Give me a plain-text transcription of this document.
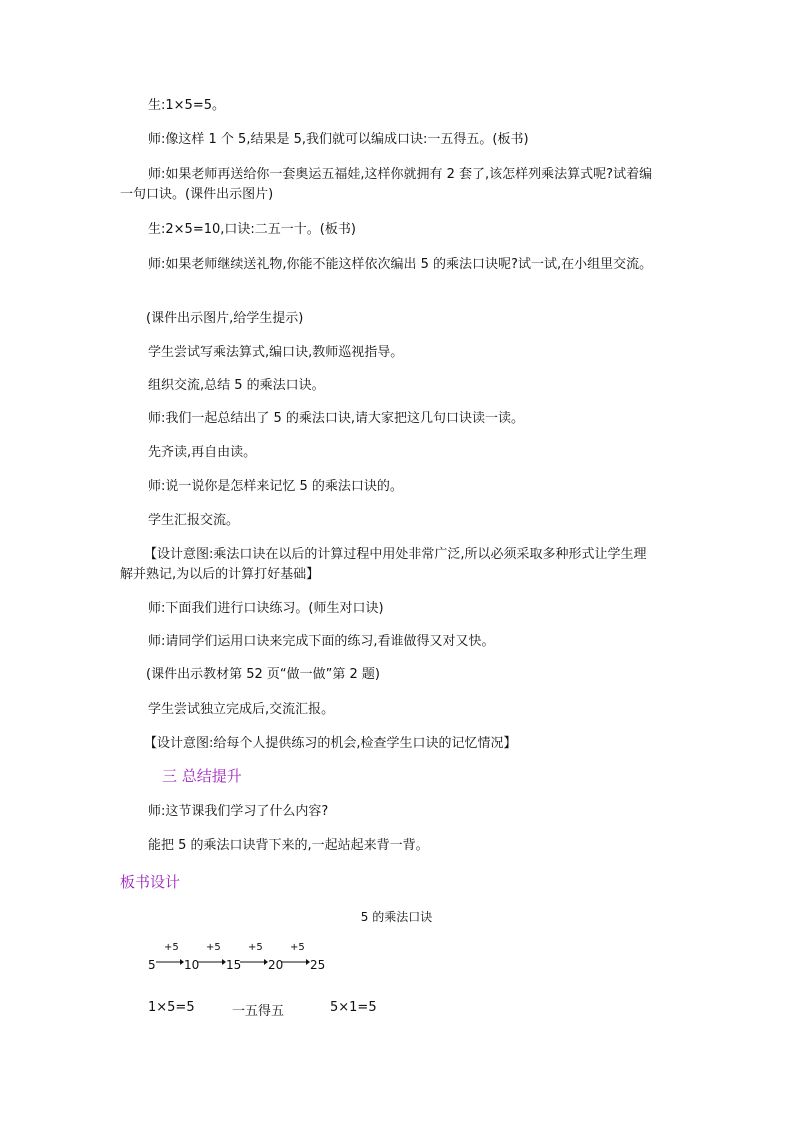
生:1×5=5。

师:像这样 1 个 5,结果是 5,我们就可以编成口诀:一五得五。(板书)

师:如果老师再送给你一套奥运五福娃,这样你就拥有 2 套了,该怎样列乘法算式呢?试着编一句口诀。(课件出示图片)

生:2×5=10,口诀:二五一十。(板书)

师:如果老师继续送礼物,你能不能这样依次编出 5 的乘法口诀呢?试一试,在小组里交流。

(课件出示图片,给学生提示)

学生尝试写乘法算式,编口诀,教师巡视指导。

组织交流,总结 5 的乘法口诀。

师:我们一起总结出了 5 的乘法口诀,请大家把这几句口诀读一读。

先齐读,再自由读。

师:说一说你是怎样来记忆 5 的乘法口诀的。

学生汇报交流。

【设计意图:乘法口诀在以后的计算过程中用处非常广泛,所以必须采取多种形式让学生理解并熟记,为以后的计算打好基础】

师:下面我们进行口诀练习。(师生对口诀)

师:请同学们运用口诀来完成下面的练习,看谁做得又对又快。

(课件出示教材第 52 页“做一做”第 2 题)

学生尝试独立完成后,交流汇报。

【设计意图:给每个人提供练习的机会,检查学生口诀的记忆情况】

三 总结提升

师:这节课我们学习了什么内容?

能把 5 的乘法口诀背下来的,一起站起来背一背。

板书设计

5 的乘法口诀
5
+5
10
+5
15
+5
20
+5
25
1×5=5	一五得五	5×1=5
